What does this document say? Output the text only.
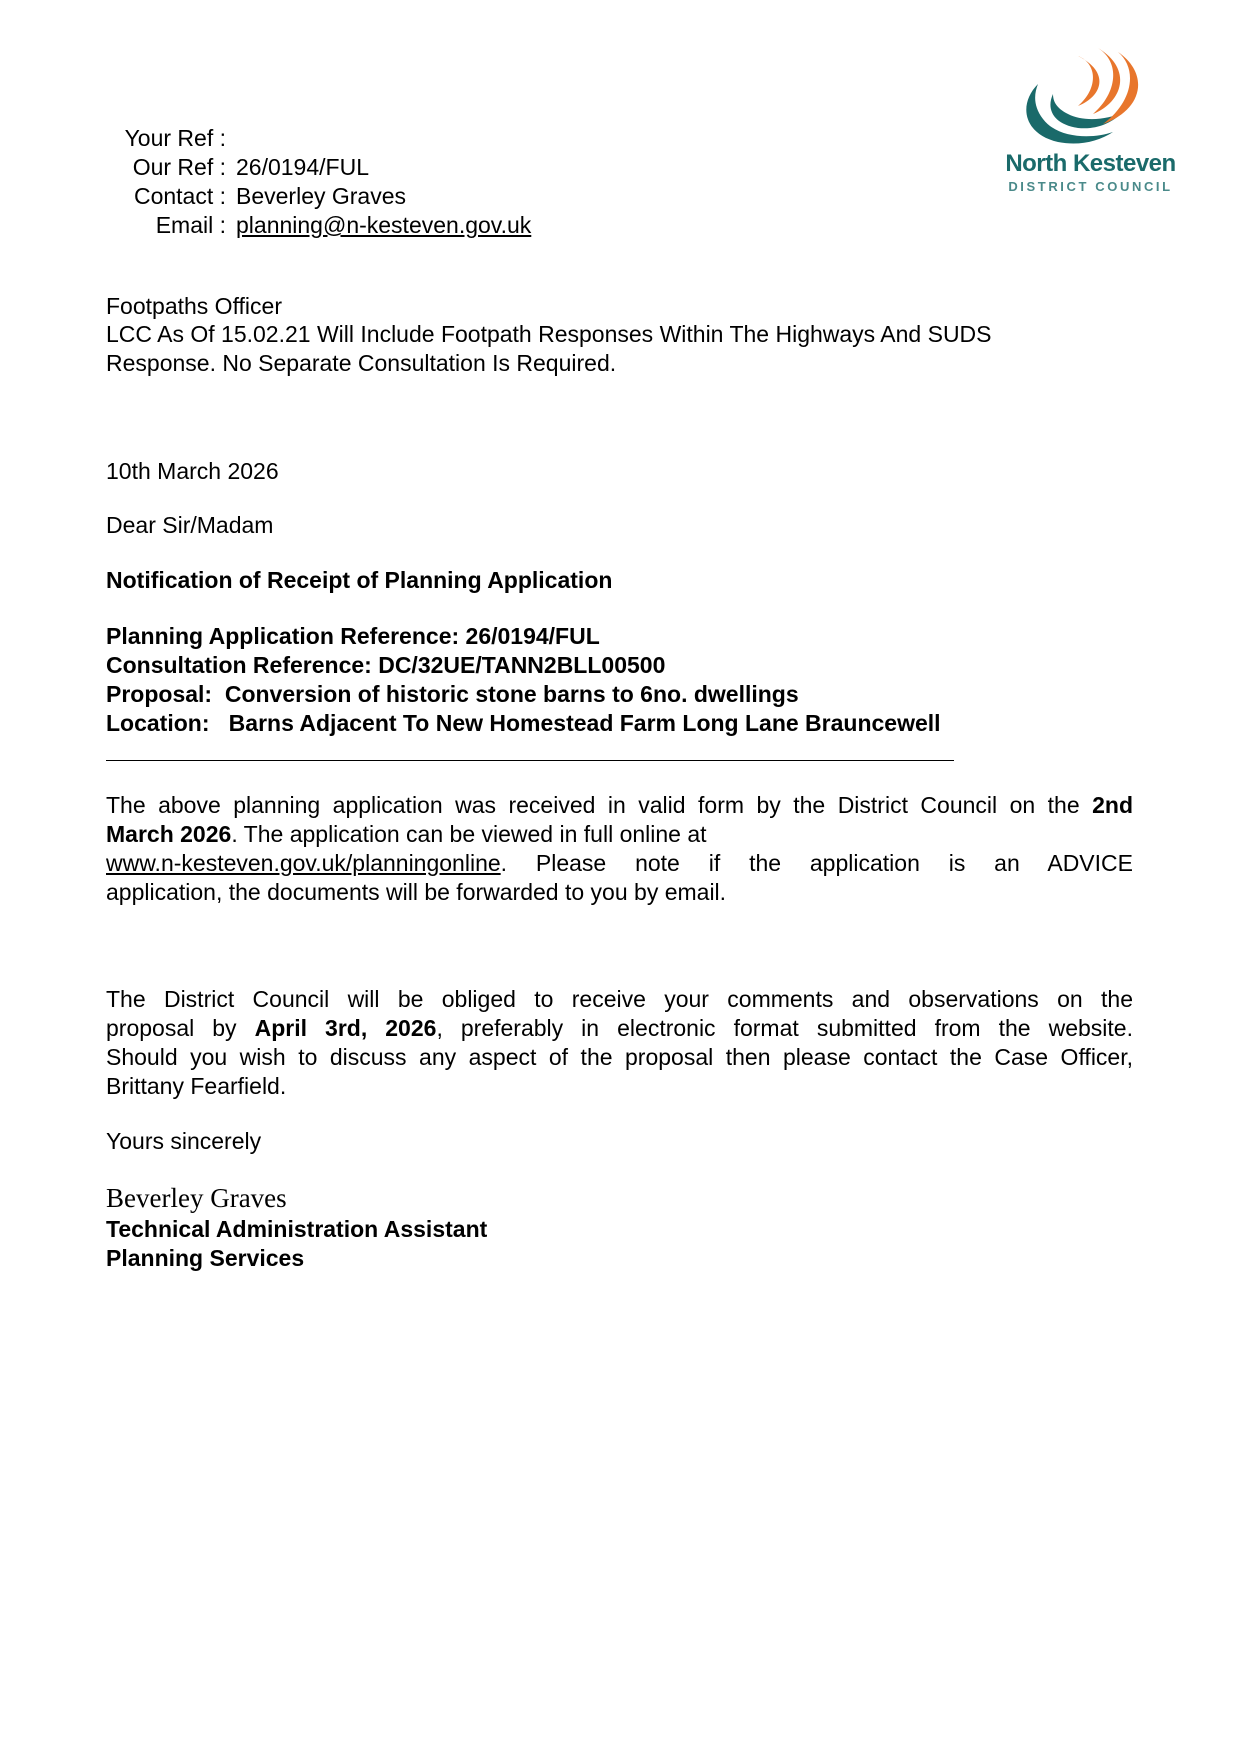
North Kesteven
DISTRICT COUNCIL
Your Ref :
Our Ref : 26/0194/FUL
Contact : Beverley Graves
Email : planning@n-kesteven.gov.uk
Footpaths Officer
LCC As Of 15.02.21 Will Include Footpath Responses Within The Highways And SUDS
Response. No Separate Consultation Is Required.
10th March 2026
Dear Sir/Madam
Notification of Receipt of Planning Application
Planning Application Reference: 26/0194/FUL
Consultation Reference: DC/32UE/TANN2BLL00500
Proposal:  Conversion of historic stone barns to 6no. dwellings
Location: Barns Adjacent To New Homestead Farm Long Lane Brauncewell
The above planning application was received in valid form by the District Council on the 2nd
March 2026. The application can be viewed in full online at
www.n-kesteven.gov.uk/planningonline. Please note if the application is an ADVICE
application, the documents will be forwarded to you by email.
The District Council will be obliged to receive your comments and observations on the
proposal by April 3rd, 2026, preferably in electronic format submitted from the website.
Should you wish to discuss any aspect of the proposal then please contact the Case Officer,
Brittany Fearfield.
Yours sincerely
Beverley Graves
Technical Administration Assistant
Planning Services
